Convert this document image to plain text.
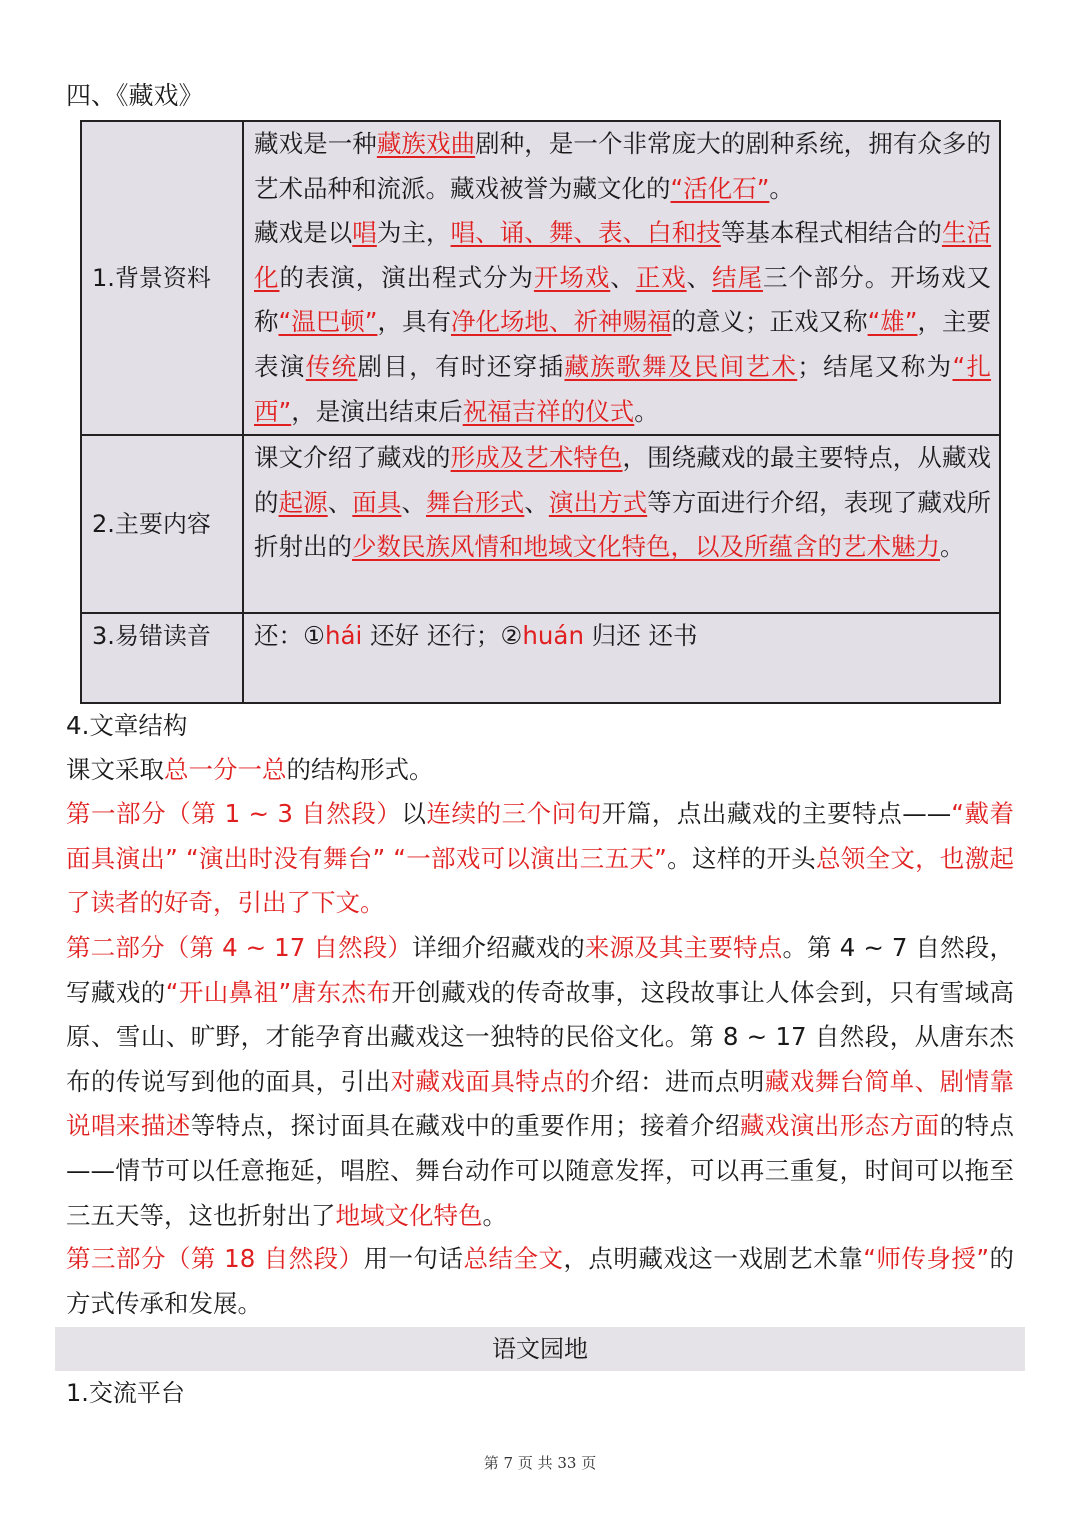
四、《藏戏》
1.背景资料	藏戏是一种藏族戏曲剧种，是一个非常庞大的剧种系统，拥有众多的艺术品种和流派。藏戏被誉为藏文化的“活化石”。
藏戏是以唱为主，唱、诵、舞、表、白和技等基本程式相结合的生活化的表演，演出程式分为开场戏、正戏、结尾三个部分。开场戏又称“温巴顿”，具有净化场地、祈神赐福的意义；正戏又称“雄”，主要表演传统剧目，有时还穿插藏族歌舞及民间艺术；结尾又称为“扎西”，是演出结束后祝福吉祥的仪式。
2.主要内容	课文介绍了藏戏的形成及艺术特色，围绕藏戏的最主要特点，从藏戏的起源、面具、舞台形式、演出方式等方面进行介绍，表现了藏戏所折射出的少数民族风情和地域文化特色，以及所蕴含的艺术魅力。
3.易错读音	还：①hái 还好 还行；②huán 归还 还书
4.文章结构
课文采取总一分一总的结构形式。
第一部分（第 1 ~ 3 自然段）以连续的三个问句开篇，点出藏戏的主要特点——“戴着面具演出” “演出时没有舞台” “一部戏可以演出三五天”。这样的开头总领全文，也激起了读者的好奇，引出了下文。
第二部分（第 4 ~ 17 自然段）详细介绍藏戏的来源及其主要特点。第 4 ~ 7 自然段，写藏戏的“开山鼻祖”唐东杰布开创藏戏的传奇故事，这段故事让人体会到，只有雪域高原、雪山、旷野，才能孕育出藏戏这一独特的民俗文化。第 8 ~ 17 自然段，从唐东杰布的传说写到他的面具，引出对藏戏面具特点的介绍：进而点明藏戏舞台简单、剧情靠说唱来描述等特点，探讨面具在藏戏中的重要作用；接着介绍藏戏演出形态方面的特点——情节可以任意拖延，唱腔、舞台动作可以随意发挥，可以再三重复，时间可以拖至三五天等，这也折射出了地域文化特色。
第三部分（第 18 自然段）用一句话总结全文，点明藏戏这一戏剧艺术靠“师传身授”的方式传承和发展。
语文园地
1.交流平台
第 7 页 共 33 页
